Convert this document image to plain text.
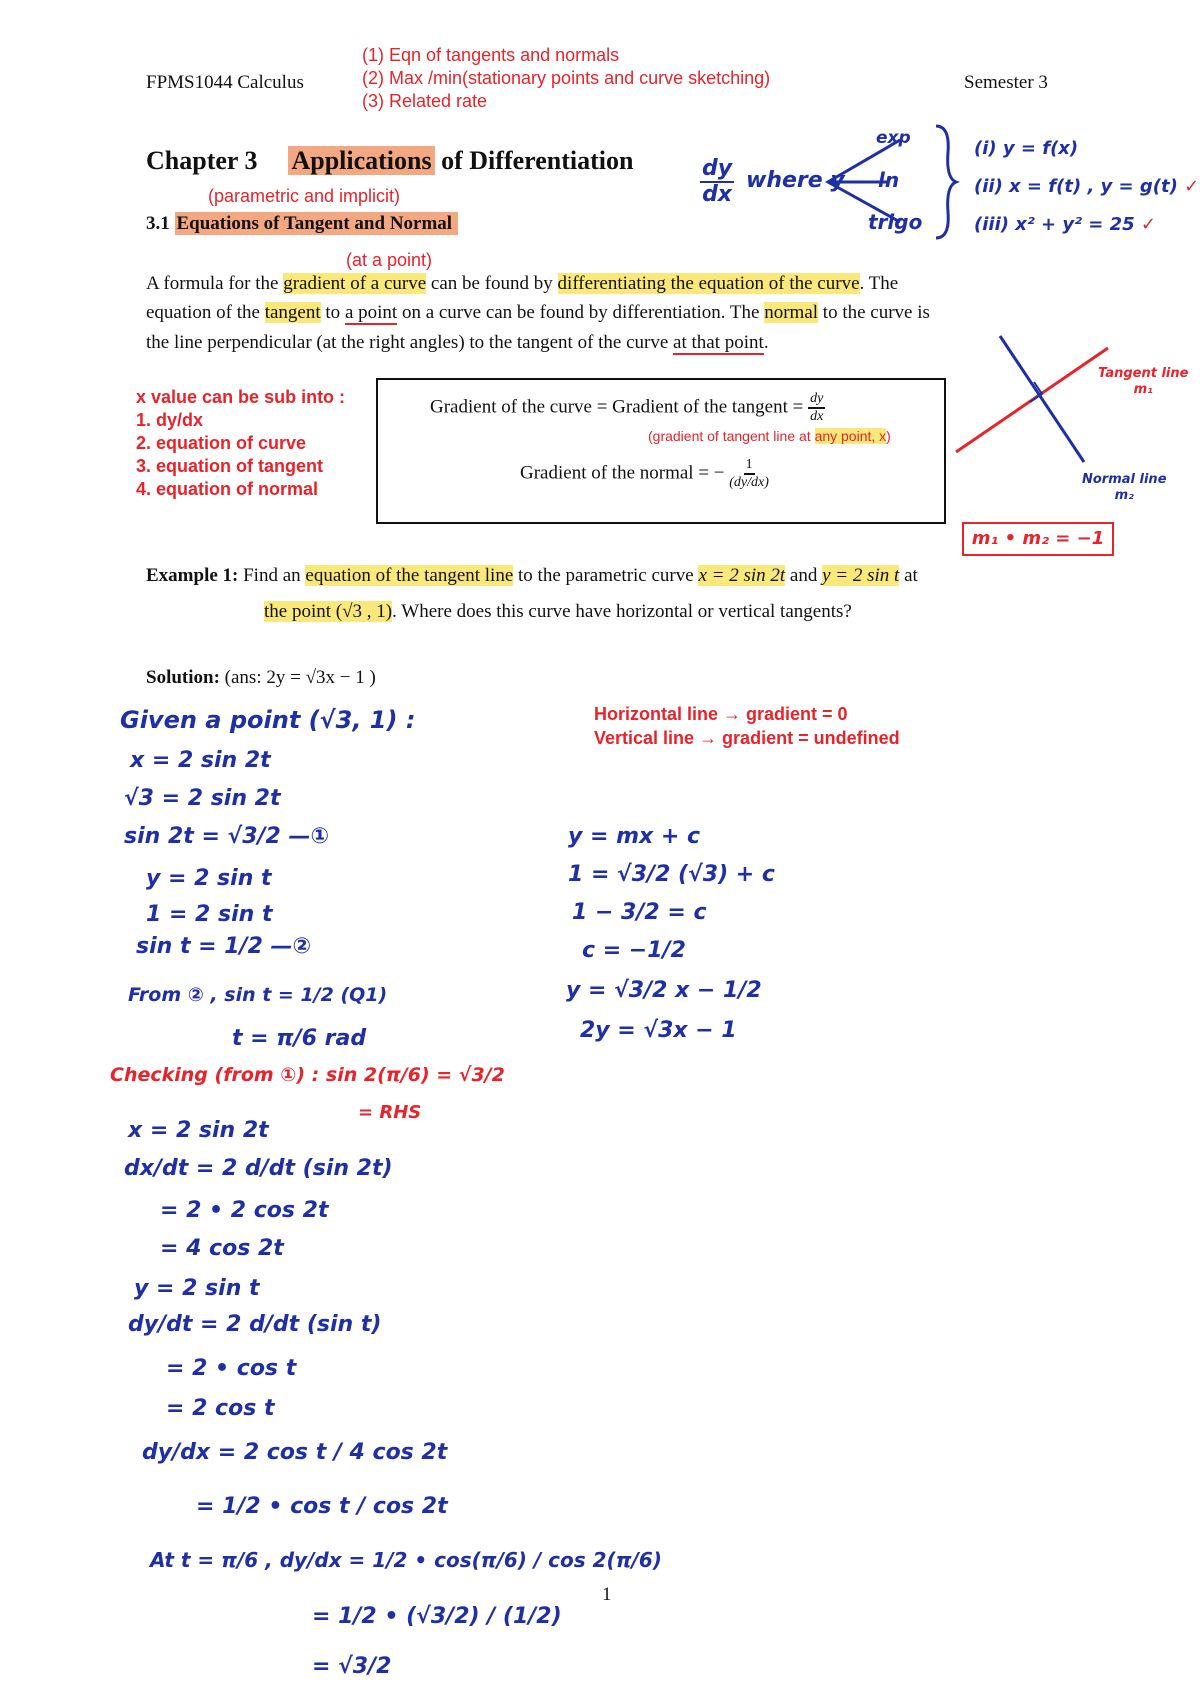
FPMS1044 Calculus	Semester 3
(1) Eqn of tangents and normals
(2) Max /min(stationary points and curve sketching)
(3) Related rate
Chapter 3 Applications of Differentiation
(parametric and implicit)
3.1 Equations of Tangent and Normal
(at a point)
$\frac{dy}{dx}$ where y
exp
ln
trigo
(i) y = f(x)
(ii) x = f(t) , y = g(t) ✓
(iii) x² + y² = 25 ✓
A formula for the gradient of a curve can be found by differentiating the equation of the curve. The
equation of the tangent to a point on a curve can be found by differentiation. The normal to the curve is
the line perpendicular (at the right angles) to the tangent of the curve at that point.
x value can be sub into :
1. dy/dx
2. equation of curve
3. equation of tangent
4. equation of normal
Gradient of the curve = Gradient of the tangent = $\frac{dy}{dx}$
(gradient of tangent line at any point, x)
Gradient of the normal = − $\frac{1}{(dy/dx)}$
Tangent line
m₁
Normal line
m₂
m₁ • m₂ = −1
Example 1: Find an equation of the tangent line to the parametric curve x = 2 sin 2t and y = 2 sin t at
the point (√3 , 1). Where does this curve have horizontal or vertical tangents?
Solution: (ans: 2y = √3x − 1 )
Horizontal line → gradient = 0
Vertical line → gradient = undefined
Given a point (√3, 1) :
x = 2 sin 2t
√3 = 2 sin 2t
sin 2t = √3/2 —①
y = 2 sin t
1 = 2 sin t
sin t = 1/2 —②
From ② , sin t = 1/2 (Q1)
t = π/6 rad
Checking (from ①) : sin 2(π/6) = √3/2
= RHS
x = 2 sin 2t
dx/dt = 2 d/dt (sin 2t)
= 2 • 2 cos 2t
= 4 cos 2t
y = 2 sin t
dy/dt = 2 d/dt (sin t)
= 2 • cos t
= 2 cos t
dy/dx = 2 cos t / 4 cos 2t
= 1/2 • cos t / cos 2t
At t = π/6 , dy/dx = 1/2 • cos(π/6) / cos 2(π/6)
= 1/2 • (√3/2) / (1/2)
= √3/2
y = mx + c
1 = √3/2 (√3) + c
1 − 3/2 = c
c = −1/2
y = √3/2 x − 1/2
2y = √3x − 1
1
